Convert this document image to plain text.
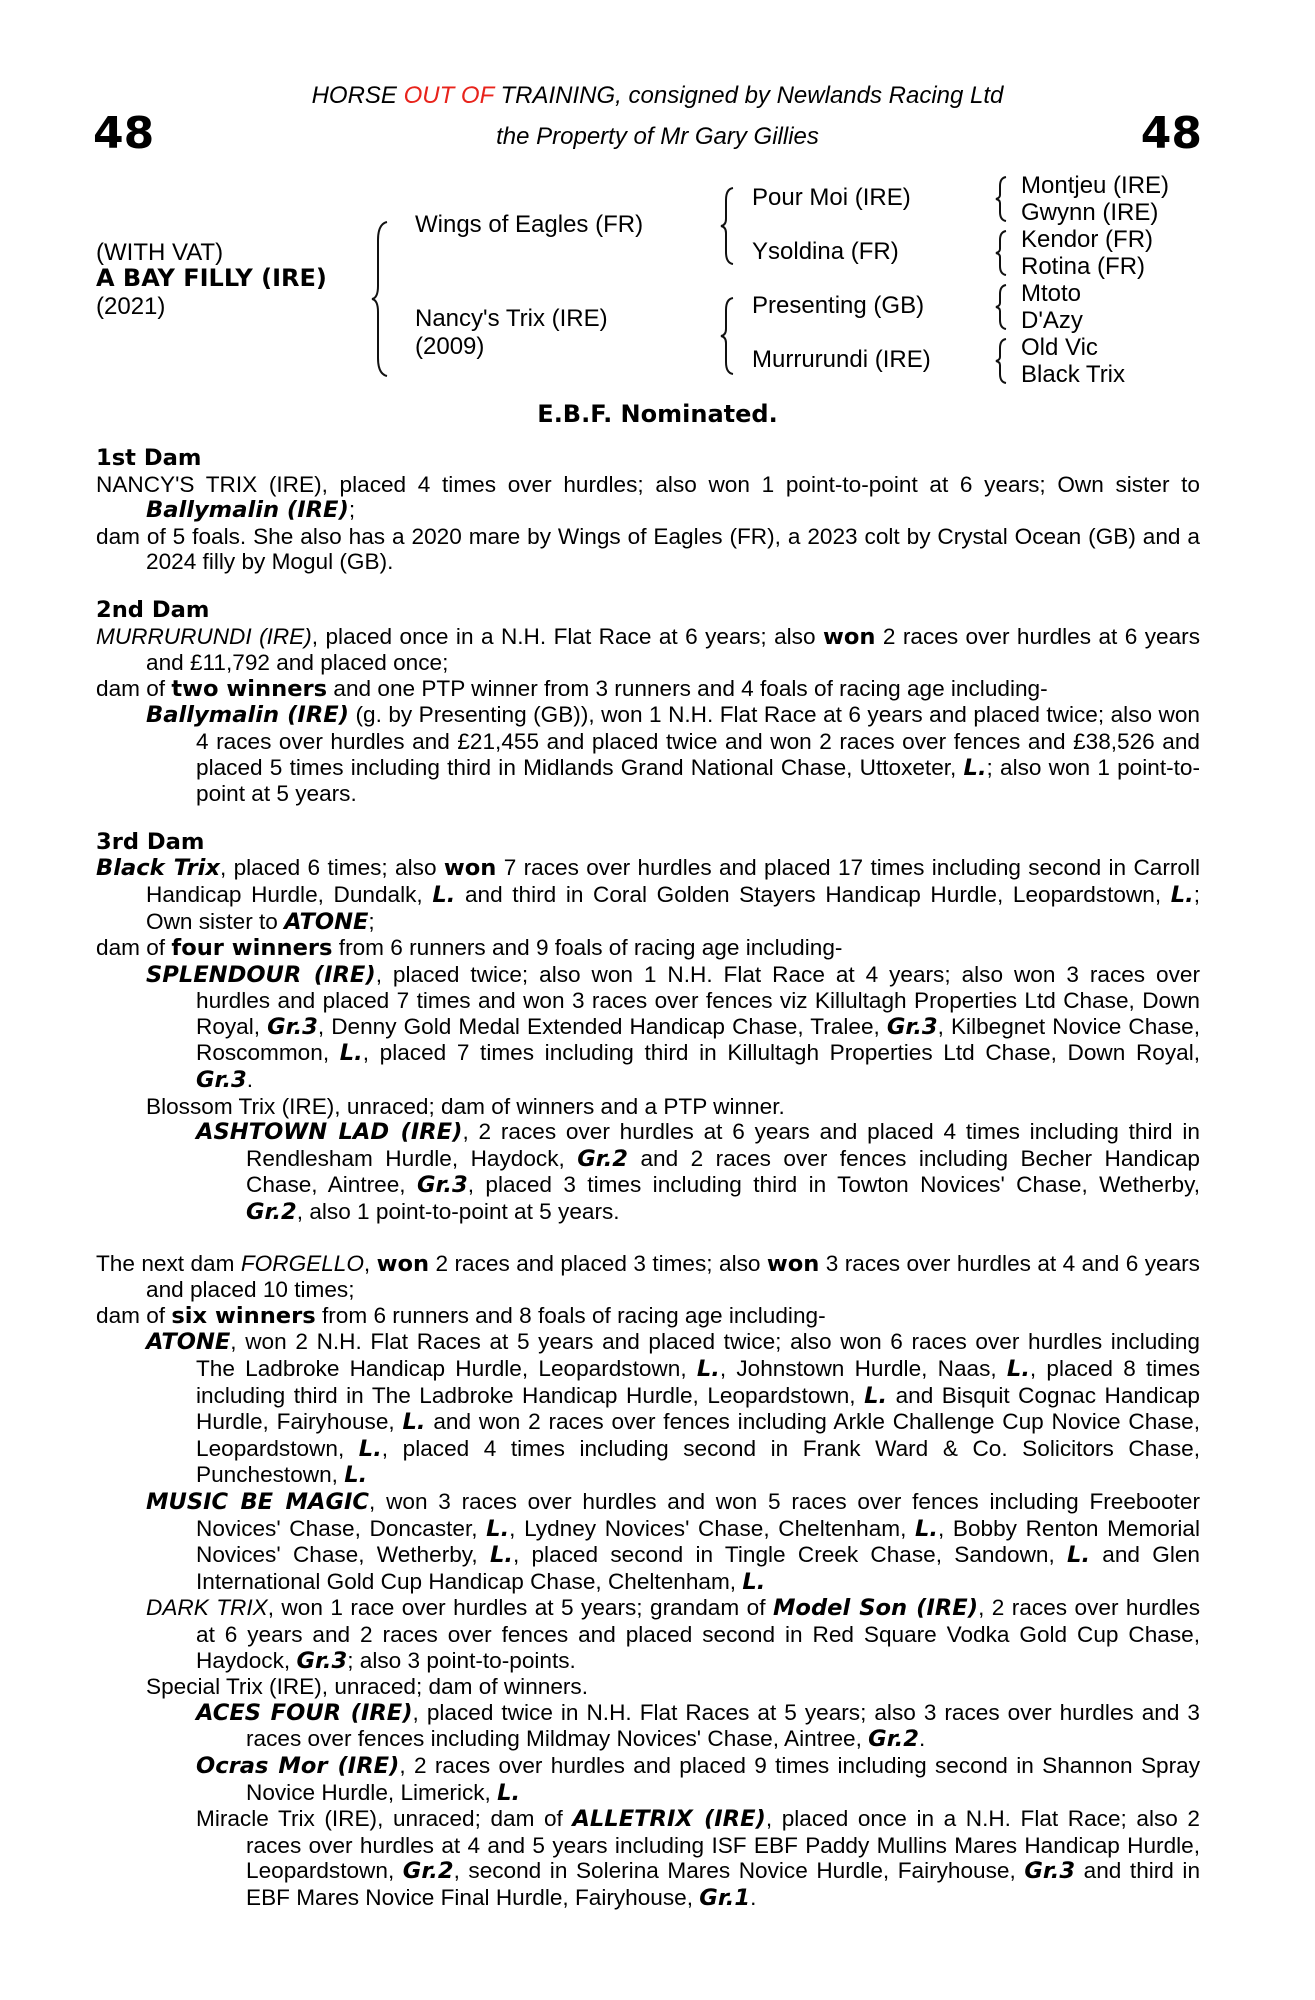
48	48
HORSE OUT OF TRAINING, consigned by Newlands Racing Ltd
the Property of Mr Gary Gillies
(WITH VAT)
A BAY FILLY (IRE)
(2021)
Wings of Eagles (FR)
Nancy's Trix (IRE)
(2009)
Pour Moi (IRE)
Ysoldina (FR)
Presenting (GB)
Murrurundi (IRE)
Montjeu (IRE)
Gwynn (IRE)
Kendor (FR)
Rotina (FR)
Mtoto
D'Azy
Old Vic
Black Trix
E.B.F. Nominated.
1st Dam
NANCY'S TRIX (IRE), placed 4 times over hurdles; also won 1 point-to-point at 6 years; Own sister to Ballymalin (IRE);
dam of 5 foals. She also has a 2020 mare by Wings of Eagles (FR), a 2023 colt by Crystal Ocean (GB) and a 2024 filly by Mogul (GB).
2nd Dam
MURRURUNDI (IRE), placed once in a N.H. Flat Race at 6 years; also won 2 races over hurdles at 6 years and £11,792 and placed once;
dam of two winners and one PTP winner from 3 runners and 4 foals of racing age including-
Ballymalin (IRE) (g. by Presenting (GB)), won 1 N.H. Flat Race at 6 years and placed twice; also won 4 races over hurdles and £21,455 and placed twice and won 2 races over fences and £38,526 and placed 5 times including third in Midlands Grand National Chase, Uttoxeter, L.; also won 1 point-to-point at 5 years.
3rd Dam
Black Trix, placed 6 times; also won 7 races over hurdles and placed 17 times including second in Carroll Handicap Hurdle, Dundalk, L. and third in Coral Golden Stayers Handicap Hurdle, Leopardstown, L.; Own sister to ATONE;
dam of four winners from 6 runners and 9 foals of racing age including-
SPLENDOUR (IRE), placed twice; also won 1 N.H. Flat Race at 4 years; also won 3 races over hurdles and placed 7 times and won 3 races over fences viz Killultagh Properties Ltd Chase, Down Royal, Gr.3, Denny Gold Medal Extended Handicap Chase, Tralee, Gr.3, Kilbegnet Novice Chase, Roscommon, L., placed 7 times including third in Killultagh Properties Ltd Chase, Down Royal, Gr.3.
Blossom Trix (IRE), unraced; dam of winners and a PTP winner.
ASHTOWN LAD (IRE), 2 races over hurdles at 6 years and placed 4 times including third in Rendlesham Hurdle, Haydock, Gr.2 and 2 races over fences including Becher Handicap Chase, Aintree, Gr.3, placed 3 times including third in Towton Novices' Chase, Wetherby, Gr.2, also 1 point-to-point at 5 years.
The next dam FORGELLO, won 2 races and placed 3 times; also won 3 races over hurdles at 4 and 6 years and placed 10 times;
dam of six winners from 6 runners and 8 foals of racing age including-
ATONE, won 2 N.H. Flat Races at 5 years and placed twice; also won 6 races over hurdles including The Ladbroke Handicap Hurdle, Leopardstown, L., Johnstown Hurdle, Naas, L., placed 8 times including third in The Ladbroke Handicap Hurdle, Leopardstown, L. and Bisquit Cognac Handicap Hurdle, Fairyhouse, L. and won 2 races over fences including Arkle Challenge Cup Novice Chase, Leopardstown, L., placed 4 times including second in Frank Ward & Co. Solicitors Chase, Punchestown, L.
MUSIC BE MAGIC, won 3 races over hurdles and won 5 races over fences including Freebooter Novices' Chase, Doncaster, L., Lydney Novices' Chase, Cheltenham, L., Bobby Renton Memorial Novices' Chase, Wetherby, L., placed second in Tingle Creek Chase, Sandown, L. and Glen International Gold Cup Handicap Chase, Cheltenham, L.
DARK TRIX, won 1 race over hurdles at 5 years; grandam of Model Son (IRE), 2 races over hurdles at 6 years and 2 races over fences and placed second in Red Square Vodka Gold Cup Chase, Haydock, Gr.3; also 3 point-to-points.
Special Trix (IRE), unraced; dam of winners.
ACES FOUR (IRE), placed twice in N.H. Flat Races at 5 years; also 3 races over hurdles and 3 races over fences including Mildmay Novices' Chase, Aintree, Gr.2.
Ocras Mor (IRE), 2 races over hurdles and placed 9 times including second in Shannon Spray Novice Hurdle, Limerick, L.
Miracle Trix (IRE), unraced; dam of ALLETRIX (IRE), placed once in a N.H. Flat Race; also 2 races over hurdles at 4 and 5 years including ISF EBF Paddy Mullins Mares Handicap Hurdle, Leopardstown, Gr.2, second in Solerina Mares Novice Hurdle, Fairyhouse, Gr.3 and third in EBF Mares Novice Final Hurdle, Fairyhouse, Gr.1.
